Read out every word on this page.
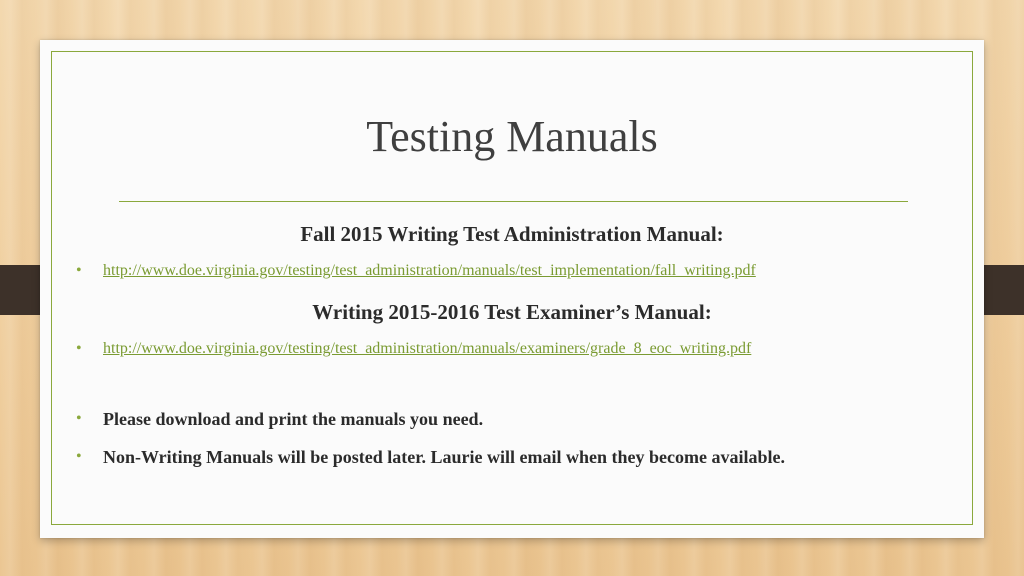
Testing Manuals

Fall 2015 Writing Test Administration Manual:

•	http://www.doe.virginia.gov/testing/test_administration/manuals/test_implementation/fall_writing.pdf

Writing 2015-2016 Test Examiner’s Manual:

•	http://www.doe.virginia.gov/testing/test_administration/manuals/examiners/grade_8_eoc_writing.pdf
•	Please download and print the manuals you need.
•	Non-Writing Manuals will be posted later. Laurie will email when they become available.
